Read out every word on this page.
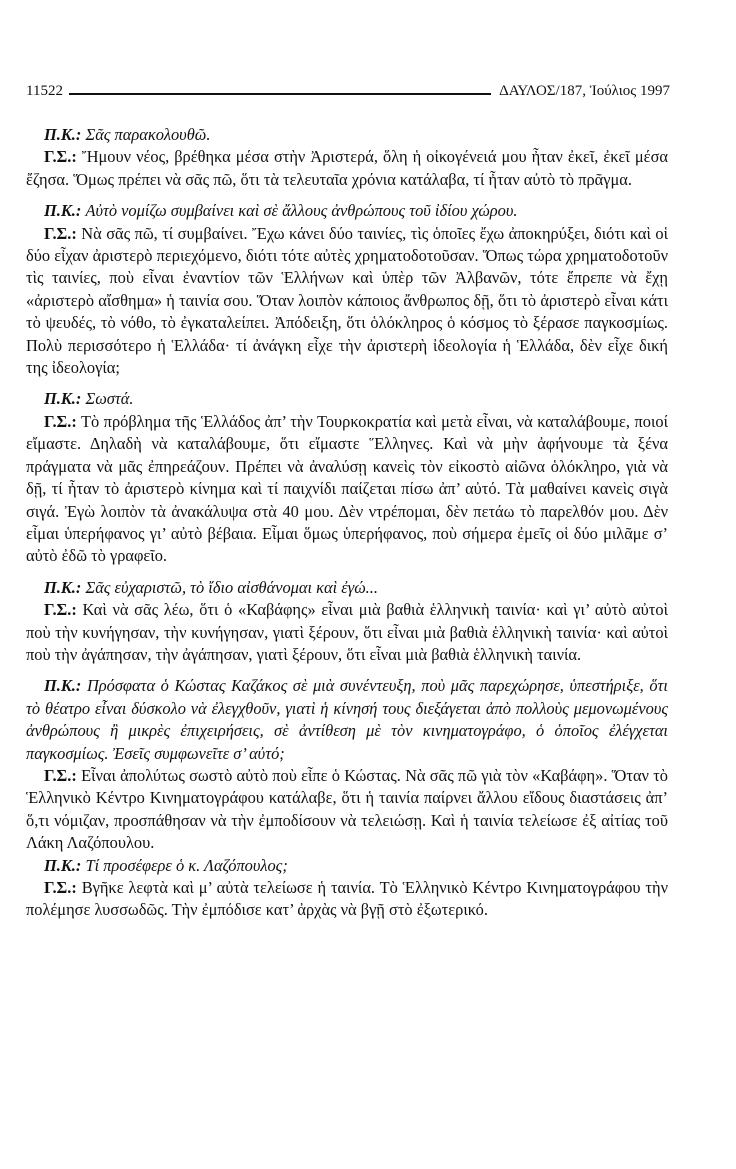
11522	ΔΑΥΛΟΣ/187, Ἰούλιος 1997

Π.Κ.: Σᾶς παρακολουθῶ.

Γ.Σ.: Ἤμουν νέος, βρέθηκα μέσα στὴν Ἀριστερά, ὅλη ἡ οἰκογένειά μου ἦταν ἐκεῖ, ἐκεῖ μέσα ἔζησα. Ὅμως πρέπει νὰ σᾶς πῶ, ὅτι τὰ τελευταῖα χρόνια κατάλαβα, τί ἦταν αὐτὸ τὸ πρᾶγμα.

Π.Κ.: Αὐτὸ νομίζω συμβαίνει καὶ σὲ ἄλλους ἀνθρώπους τοῦ ἰδίου χώρου.

Γ.Σ.: Νὰ σᾶς πῶ, τί συμβαίνει. Ἔχω κάνει δύο ταινίες, τὶς ὁποῖες ἔχω ἀποκηρύξει, διότι καὶ οἱ δύο εἶχαν ἀριστερὸ περιεχόμενο, διότι τότε αὐτὲς χρηματοδοτοῦσαν. Ὅπως τώρα χρηματοδοτοῦν τὶς ταινίες, ποὺ εἶναι ἐναντίον τῶν Ἑλλήνων καὶ ὑπὲρ τῶν Ἀλβανῶν, τότε ἔπρεπε νὰ ἔχῃ «ἀριστερὸ αἴσθημα» ἡ ταινία σου. Ὅταν λοιπὸν κάποιος ἄνθρωπος δῇ, ὅτι τὸ ἀριστερὸ εἶναι κάτι τὸ ψευδές, τὸ νόθο, τὸ ἐγκαταλείπει. Ἀπόδειξη, ὅτι ὁλόκληρος ὁ κόσμος τὸ ξέρασε παγκοσμίως. Πολὺ περισσότερο ἡ Ἑλλάδα· τί ἀνάγκη εἶχε τὴν ἀριστερὴ ἰδεολογία ἡ Ἑλλάδα, δὲν εἶχε δική της ἰδεολογία;

Π.Κ.: Σωστά.

Γ.Σ.: Τὸ πρόβλημα τῆς Ἑλλάδος ἀπ’ τὴν Τουρκοκρατία καὶ μετὰ εἶναι, νὰ καταλάβουμε, ποιοί εἴμαστε. Δηλαδὴ νὰ καταλάβουμε, ὅτι εἴμαστε Ἕλληνες. Καὶ νὰ μὴν ἀφήνουμε τὰ ξένα πράγματα νὰ μᾶς ἐπηρεάζουν. Πρέπει νὰ ἀναλύσῃ κανεὶς τὸν εἰκοστὸ αἰῶνα ὁλόκληρο, γιὰ νὰ δῇ, τί ἦταν τὸ ἀριστερὸ κίνημα καὶ τί παιχνίδι παίζεται πίσω ἀπ’ αὐτό. Τὰ μαθαίνει κανεὶς σιγὰ σιγά. Ἐγὼ λοιπὸν τὰ ἀνακάλυψα στὰ 40 μου. Δὲν ντρέπομαι, δὲν πετάω τὸ παρελθόν μου. Δὲν εἶμαι ὑπερήφανος γι’ αὐτὸ βέβαια. Εἶμαι ὅμως ὑπερήφανος, ποὺ σήμερα ἐμεῖς οἱ δύο μιλᾶμε σ’ αὐτὸ ἐδῶ τὸ γραφεῖο.

Π.Κ.: Σᾶς εὐχαριστῶ, τὸ ἴδιο αἰσθάνομαι καὶ ἐγώ...

Γ.Σ.: Καὶ νὰ σᾶς λέω, ὅτι ὁ «Καβάφης» εἶναι μιὰ βαθιὰ ἑλληνικὴ ταινία· καὶ γι’ αὐτὸ αὐτοὶ ποὺ τὴν κυνήγησαν, τὴν κυνήγησαν, γιατὶ ξέρουν, ὅτι εἶναι μιὰ βαθιὰ ἑλληνικὴ ταινία· καὶ αὐτοὶ ποὺ τὴν ἀγάπησαν, τὴν ἀγάπησαν, γιατὶ ξέρουν, ὅτι εἶναι μιὰ βαθιὰ ἑλληνικὴ ταινία.

Π.Κ.: Πρόσφατα ὁ Κώστας Καζάκος σὲ μιὰ συνέντευξη, ποὺ μᾶς παρεχώρησε, ὑπεστήριξε, ὅτι τὸ θέατρο εἶναι δύσκολο νὰ ἐλεγχθοῦν, γιατὶ ἡ κίνησή τους διεξάγεται ἀπὸ πολλοὺς μεμονωμένους ἀνθρώπους ἢ μικρὲς ἐπιχειρήσεις, σὲ ἀντίθεση μὲ τὸν κινηματογράφο, ὁ ὁποῖος ἐλέγχεται παγκοσμίως. Ἐσεῖς συμφωνεῖτε σ’ αὐτό;

Γ.Σ.: Εἶναι ἀπολύτως σωστὸ αὐτὸ ποὺ εἶπε ὁ Κώστας. Νὰ σᾶς πῶ γιὰ τὸν «Καβάφη». Ὅταν τὸ Ἑλληνικὸ Κέντρο Κινηματογράφου κατάλαβε, ὅτι ἡ ταινία παίρνει ἄλλου εἴδους διαστάσεις ἀπ’ ὅ,τι νόμιζαν, προσπάθησαν νὰ τὴν ἐμποδίσουν νὰ τελειώσῃ. Καὶ ἡ ταινία τελείωσε ἐξ αἰτίας τοῦ Λάκη Λαζόπουλου.

Π.Κ.: Τί προσέφερε ὁ κ. Λαζόπουλος;

Γ.Σ.: Βγῆκε λεφτὰ καὶ μ’ αὐτὰ τελείωσε ἡ ταινία. Τὸ Ἑλληνικὸ Κέντρο Κινηματογράφου τὴν πολέμησε λυσσωδῶς. Τὴν ἐμπόδισε κατ’ ἀρχὰς νὰ βγῇ στὸ ἐξωτερικό.
